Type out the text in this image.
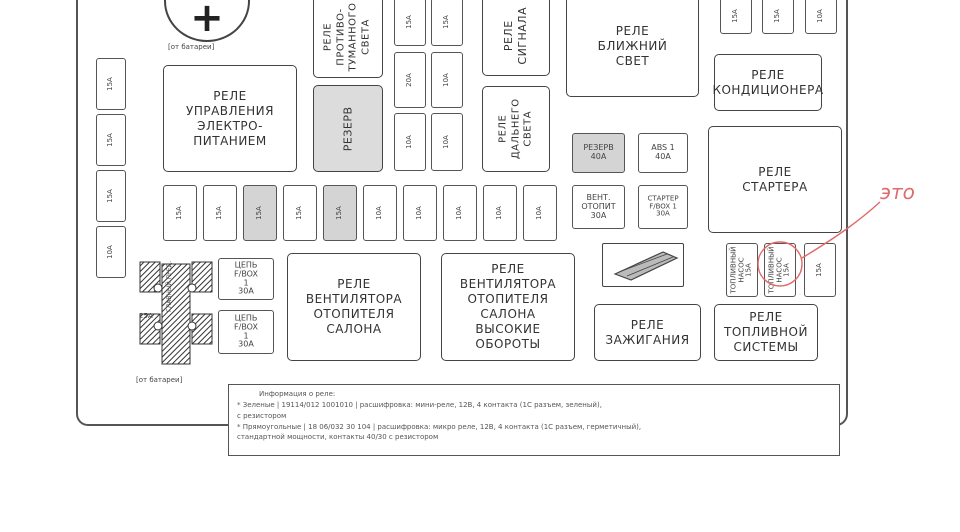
+
[от батареи]
15А
15А
15А
10А
РЕЛЕ
УПРАВЛЕНИЯ
ЭЛЕКТРО-
ПИТАНИЕМ	РЕЗЕРВ
РЕЛЕ
ПРОТИВО-
ТУМАННОГО
СВЕТА	РЕЛЕ
СИГНАЛА
РЕЛЕ
ДАЛЬНЕГО
СВЕТА
РЕЛЕ
БЛИЖНИЙ
СВЕТ
РЕЛЕ
КОНДИЦИОНЕРА
РЕЛЕ
СТАРТЕРА
РЕЛЕ
ВЕНТИЛЯТОРА
ОТОПИТЕЛЯ
САЛОНА
РЕЛЕ
ВЕНТИЛЯТОРА
ОТОПИТЕЛЯ
САЛОНА
ВЫСОКИЕ
ОБОРОТЫ
РЕЛЕ
ЗАЖИГАНИЯ
РЕЛЕ
ТОПЛИВНОЙ
СИСТЕМЫ
15А	15А
20А	10А
10А	10А
15А	15А	10А
РЕЗЕРВ
40А
ABS 1
40А
ВЕНТ.
ОТОПИТ
30А
СТАРТЕР
F/BOX 1
30А
15А	15А	15А	15А	15А	10А	10А	10А	10А	10А
ТОПЛИВНЫЙ
НАСОС
15А ТОПЛИВНЫЙ
НАСОС
15А	15А
это
ГЛАВНЫЙ ПРЕД.
25А
ЦЕПЬ
F/BOX 1
30А
ЦЕПЬ
F/BOX 1
30А
[от батареи]
Информация о реле:
* Зеленые | 19114/012 1001010 | расшифровка: мини-реле, 12В, 4 контакта (1С разъем, зеленый),
с резистором
* Прямоугольные | 18 06/032 30 104 | расшифровка: микро реле, 12В, 4 контакта (1С разъем, герметичный),
стандартной мощности, контакты 40/30 с резистором
